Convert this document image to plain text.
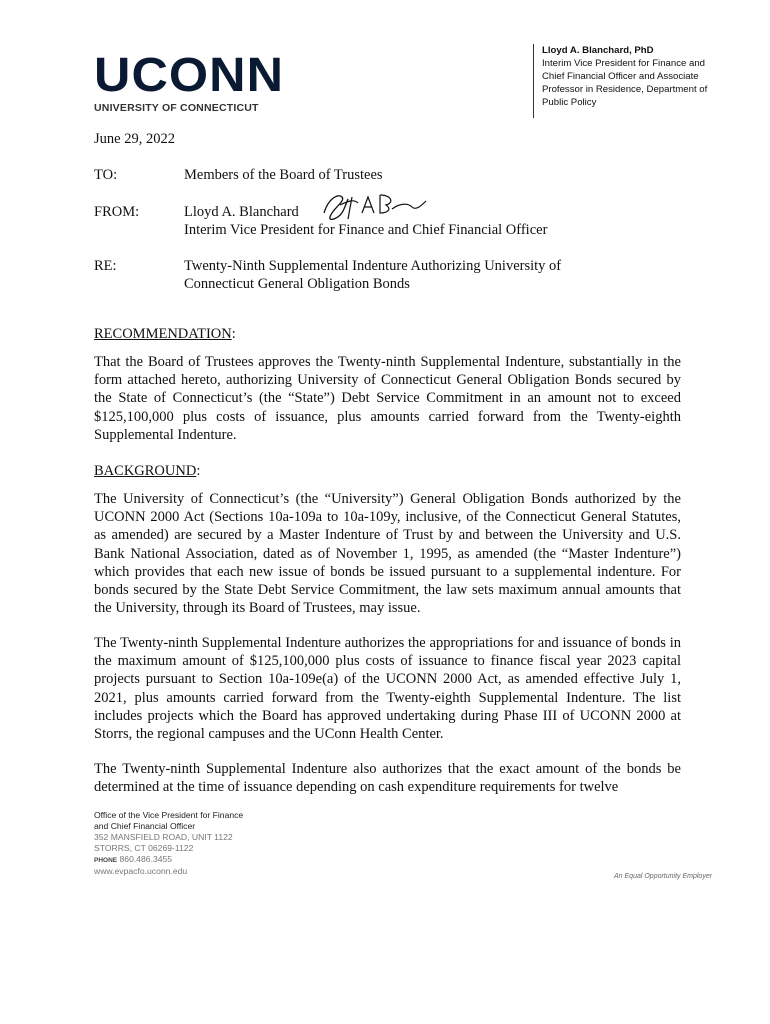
UCONN
UNIVERSITY OF CONNECTICUT
Lloyd A. Blanchard, PhD
Interim Vice President for Finance and
Chief Financial Officer and Associate
Professor in Residence, Department of
Public Policy
June 29, 2022
TO:	Members of the Board of Trustees
FROM:	Lloyd A. Blanchard
Interim Vice President for Finance and Chief Financial Officer
RE:	Twenty-Ninth Supplemental Indenture Authorizing University of
Connecticut General Obligation Bonds
RECOMMENDATION:
That the Board of Trustees approves the Twenty-ninth Supplemental Indenture, substantially in the form attached hereto, authorizing University of Connecticut General Obligation Bonds secured by the State of Connecticut’s (the “State”) Debt Service Commitment in an amount not to exceed $125,100,000 plus costs of issuance, plus amounts carried forward from the Twenty-eighth Supplemental Indenture.
BACKGROUND:
The University of Connecticut’s (the “University”) General Obligation Bonds authorized by the UCONN 2000 Act (Sections 10a-109a to 10a-109y, inclusive, of the Connecticut General Statutes, as amended) are secured by a Master Indenture of Trust by and between the University and U.S. Bank National Association, dated as of November 1, 1995, as amended (the “Master Indenture”) which provides that each new issue of bonds be issued pursuant to a supplemental indenture. For bonds secured by the State Debt Service Commitment, the law sets maximum annual amounts that the University, through its Board of Trustees, may issue.
The Twenty-ninth Supplemental Indenture authorizes the appropriations for and issuance of bonds in the maximum amount of $125,100,000 plus costs of issuance to finance fiscal year 2023 capital projects pursuant to Section 10a-109e(a) of the UCONN 2000 Act, as amended effective July 1, 2021, plus amounts carried forward from the Twenty-eighth Supplemental Indenture. The list includes projects which the Board has approved undertaking during Phase III of UCONN 2000 at Storrs, the regional campuses and the UConn Health Center.
The Twenty-ninth Supplemental Indenture also authorizes that the exact amount of the bonds be determined at the time of issuance depending on cash expenditure requirements for twelve
Office of the Vice President for Finance
and Chief Financial Officer
352 MANSFIELD ROAD, UNIT 1122
STORRS, CT 06269-1122
PHONE 860.486.3455
www.evpacfo.uconn.edu
An Equal Opportunity Employer
